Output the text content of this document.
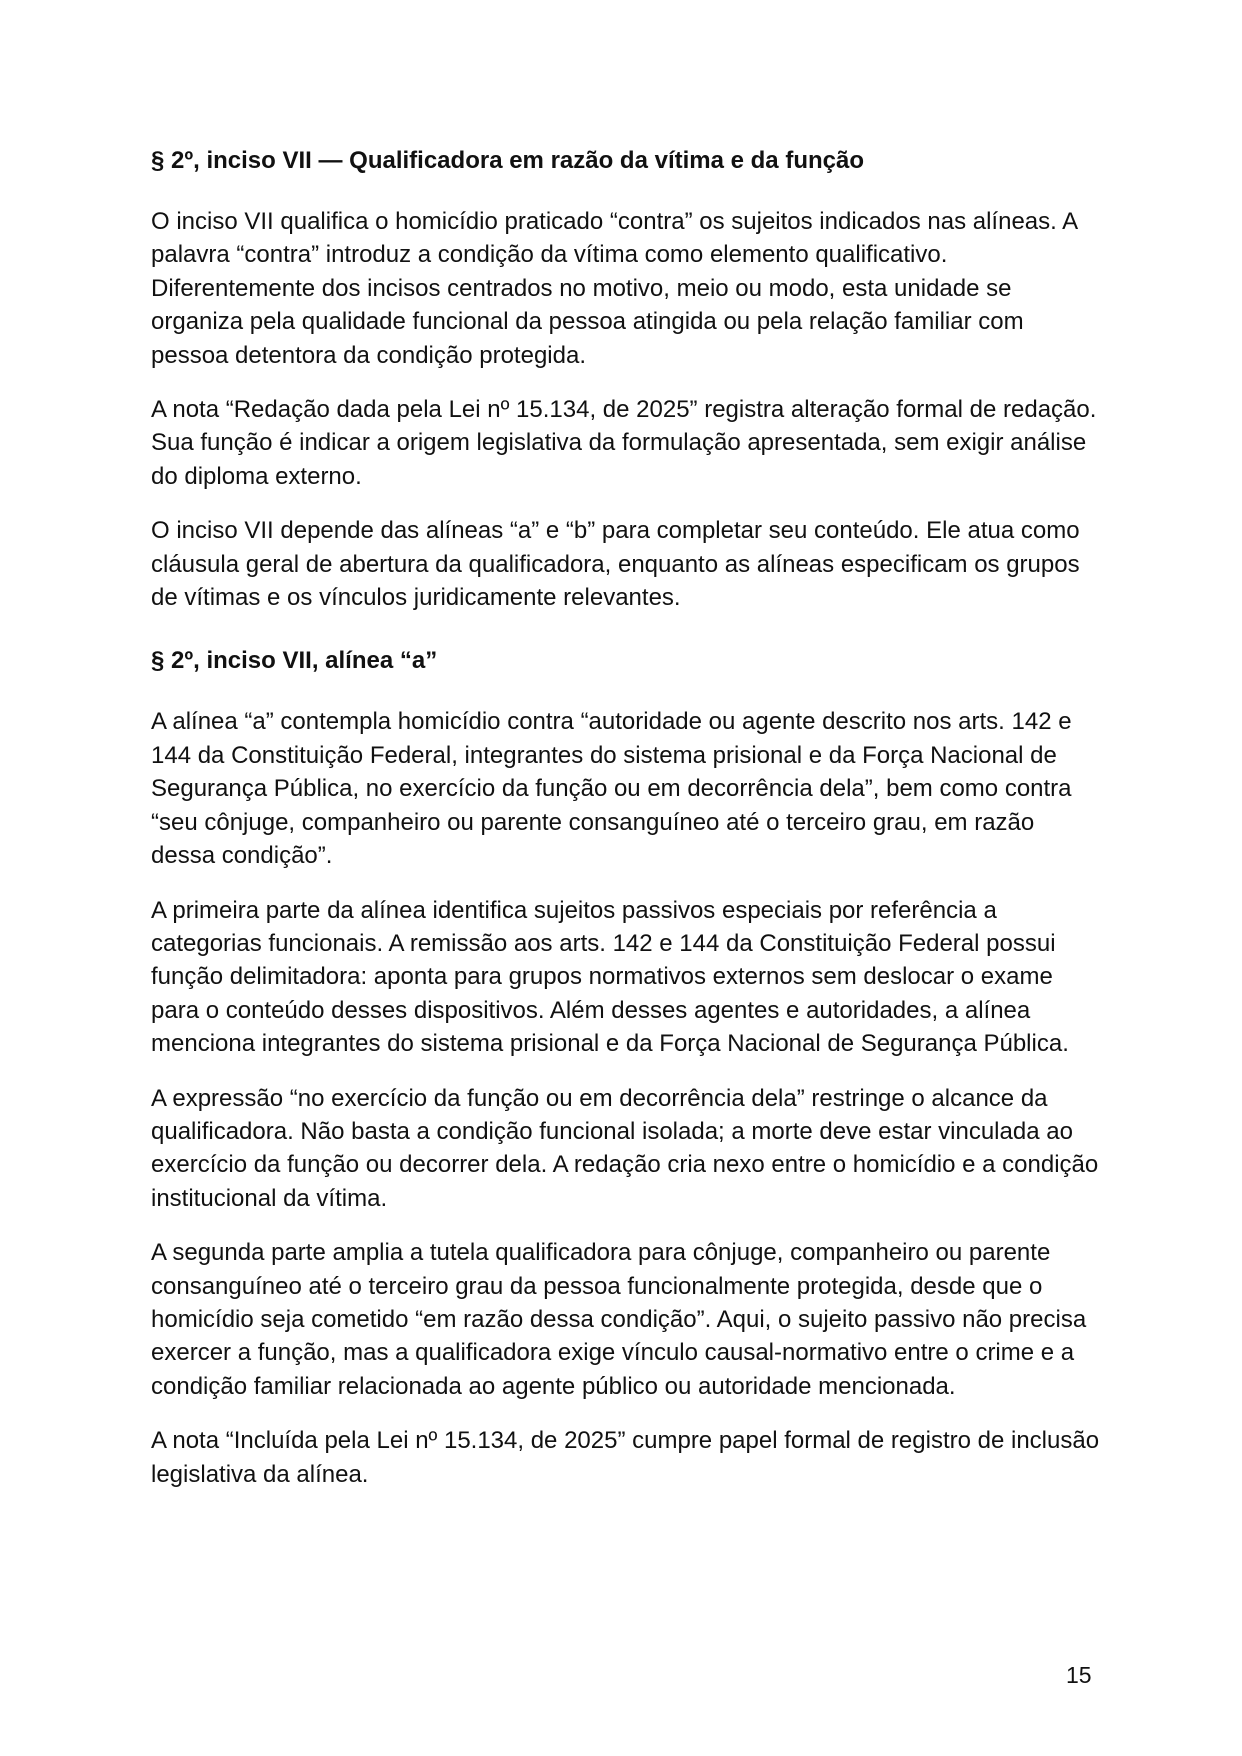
§ 2º, inciso VII — Qualificadora em razão da vítima e da função

O inciso VII qualifica o homicídio praticado “contra” os sujeitos indicados nas alíneas. A palavra “contra” introduz a condição da vítima como elemento qualificativo. Diferentemente dos incisos centrados no motivo, meio ou modo, esta unidade se organiza pela qualidade funcional da pessoa atingida ou pela relação familiar com pessoa detentora da condição protegida.

A nota “Redação dada pela Lei nº 15.134, de 2025” registra alteração formal de redação. Sua função é indicar a origem legislativa da formulação apresentada, sem exigir análise do diploma externo.

O inciso VII depende das alíneas “a” e “b” para completar seu conteúdo. Ele atua como cláusula geral de abertura da qualificadora, enquanto as alíneas especificam os grupos de vítimas e os vínculos juridicamente relevantes.

§ 2º, inciso VII, alínea “a”

A alínea “a” contempla homicídio contra “autoridade ou agente descrito nos arts. 142 e 144 da Constituição Federal, integrantes do sistema prisional e da Força Nacional de Segurança Pública, no exercício da função ou em decorrência dela”, bem como contra “seu cônjuge, companheiro ou parente consanguíneo até o terceiro grau, em razão dessa condição”.

A primeira parte da alínea identifica sujeitos passivos especiais por referência a categorias funcionais. A remissão aos arts. 142 e 144 da Constituição Federal possui função delimitadora: aponta para grupos normativos externos sem deslocar o exame para o conteúdo desses dispositivos. Além desses agentes e autoridades, a alínea menciona integrantes do sistema prisional e da Força Nacional de Segurança Pública.

A expressão “no exercício da função ou em decorrência dela” restringe o alcance da qualificadora. Não basta a condição funcional isolada; a morte deve estar vinculada ao exercício da função ou decorrer dela. A redação cria nexo entre o homicídio e a condição institucional da vítima.

A segunda parte amplia a tutela qualificadora para cônjuge, companheiro ou parente consanguíneo até o terceiro grau da pessoa funcionalmente protegida, desde que o homicídio seja cometido “em razão dessa condição”. Aqui, o sujeito passivo não precisa exercer a função, mas a qualificadora exige vínculo causal-normativo entre o crime e a condição familiar relacionada ao agente público ou autoridade mencionada.

A nota “Incluída pela Lei nº 15.134, de 2025” cumpre papel formal de registro de inclusão legislativa da alínea.

15
